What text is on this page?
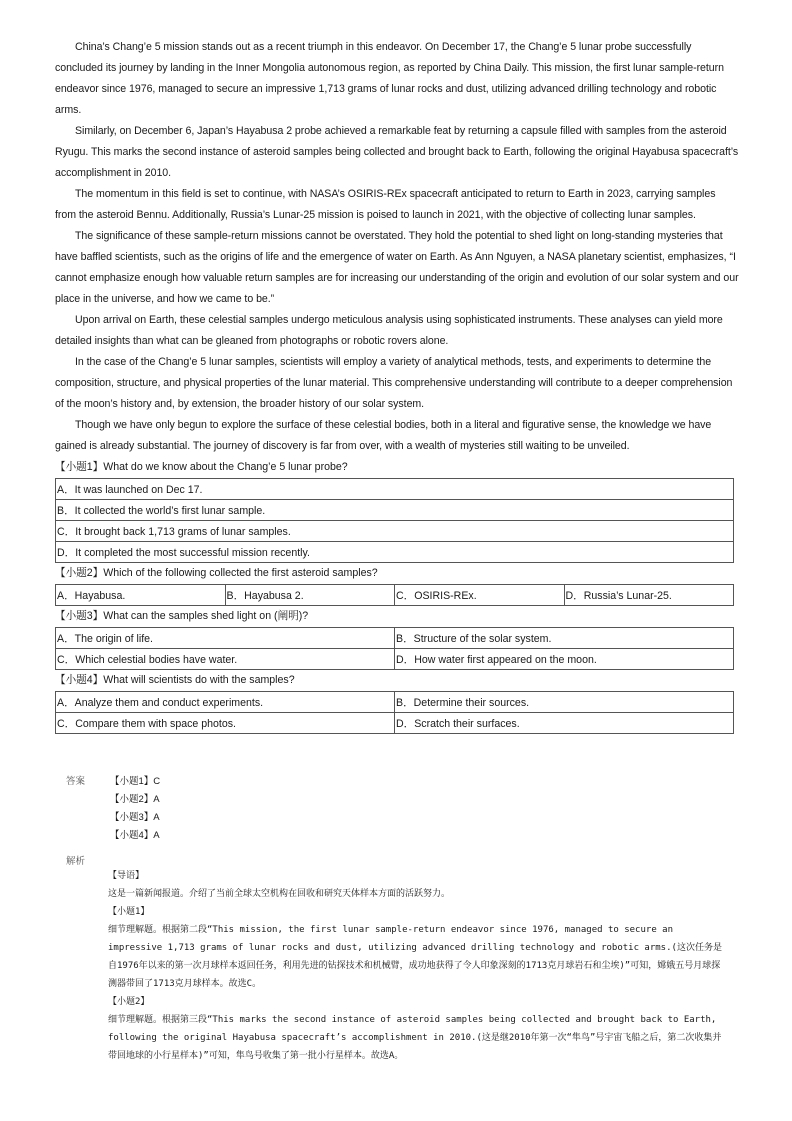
China’s Chang’e 5 mission stands out as a recent triumph in this endeavor. On December 17, the Chang’e 5 lunar probe successfully concluded its journey by landing in the Inner Mongolia autonomous region, as reported by China Daily. This mission, the first lunar sample-return endeavor since 1976, managed to secure an impressive 1,713 grams of lunar rocks and dust, utilizing advanced drilling technology and robotic arms.

Similarly, on December 6, Japan’s Hayabusa 2 probe achieved a remarkable feat by returning a capsule filled with samples from the asteroid Ryugu. This marks the second instance of asteroid samples being collected and brought back to Earth, following the original Hayabusa spacecraft’s accomplishment in 2010.

The momentum in this field is set to continue, with NASA’s OSIRIS-REx spacecraft anticipated to return to Earth in 2023, carrying samples from the asteroid Bennu. Additionally, Russia’s Lunar-25 mission is poised to launch in 2021, with the objective of collecting lunar samples.

The significance of these sample-return missions cannot be overstated. They hold the potential to shed light on long-standing mysteries that have baffled scientists, such as the origins of life and the emergence of water on Earth. As Ann Nguyen, a NASA planetary scientist, emphasizes, “I cannot emphasize enough how valuable return samples are for increasing our understanding of the origin and evolution of our solar system and our place in the universe, and how we came to be.”

Upon arrival on Earth, these celestial samples undergo meticulous analysis using sophisticated instruments. These analyses can yield more detailed insights than what can be gleaned from photographs or robotic rovers alone.

In the case of the Chang’e 5 lunar samples, scientists will employ a variety of analytical methods, tests, and experiments to determine the composition, structure, and physical properties of the lunar material. This comprehensive understanding will contribute to a deeper comprehension of the moon’s history and, by extension, the broader history of our solar system.

Though we have only begun to explore the surface of these celestial bodies, both in a literal and figurative sense, the knowledge we have gained is already substantial. The journey of discovery is far from over, with a wealth of mysteries still waiting to be unveiled.

【小题1】What do we know about the Chang’e 5 lunar probe?

A．It was launched on Dec 17.
B．It collected the world’s first lunar sample.
C．It brought back 1,713 grams of lunar samples.
D．It completed the most successful mission recently.

【小题2】Which of the following collected the first asteroid samples?

A．Hayabusa.	B．Hayabusa 2.	C．OSIRIS-REx.	D．Russia’s Lunar-25.

【小题3】What can the samples shed light on (阐明)?

A．The origin of life.	B．Structure of the solar system.
C．Which celestial bodies have water.	D．How water first appeared on the moon.

【小题4】What will scientists do with the samples?

A．Analyze them and conduct experiments.	B．Determine their sources.
C．Compare them with space photos.	D．Scratch their surfaces.
答案	【小题1】C
【小题2】A
【小题3】A
【小题4】A
解析

【导语】

这是一篇新闻报道。介绍了当前全球太空机构在回收和研究天体样本方面的活跃努力。

【小题1】

细节理解题。根据第二段“This mission, the first lunar sample-return endeavor since 1976, managed to secure an impressive 1,713 grams of lunar rocks and dust, utilizing advanced drilling technology and robotic arms.(这次任务是自1976年以来的第一次月球样本返回任务，利用先进的钻探技术和机械臂，成功地获得了令人印象深刻的1713克月球岩石和尘埃)”可知，嫦娥五号月球探测器带回了1713克月球样本。故选C。

【小题2】

细节理解题。根据第三段“This marks the second instance of asteroid samples being collected and brought back to Earth, following the original Hayabusa spacecraft’s accomplishment in 2010.(这是继2010年第一次“隼鸟”号宇宙飞船之后，第二次收集并带回地球的小行星样本)”可知，隼鸟号收集了第一批小行星样本。故选A。
